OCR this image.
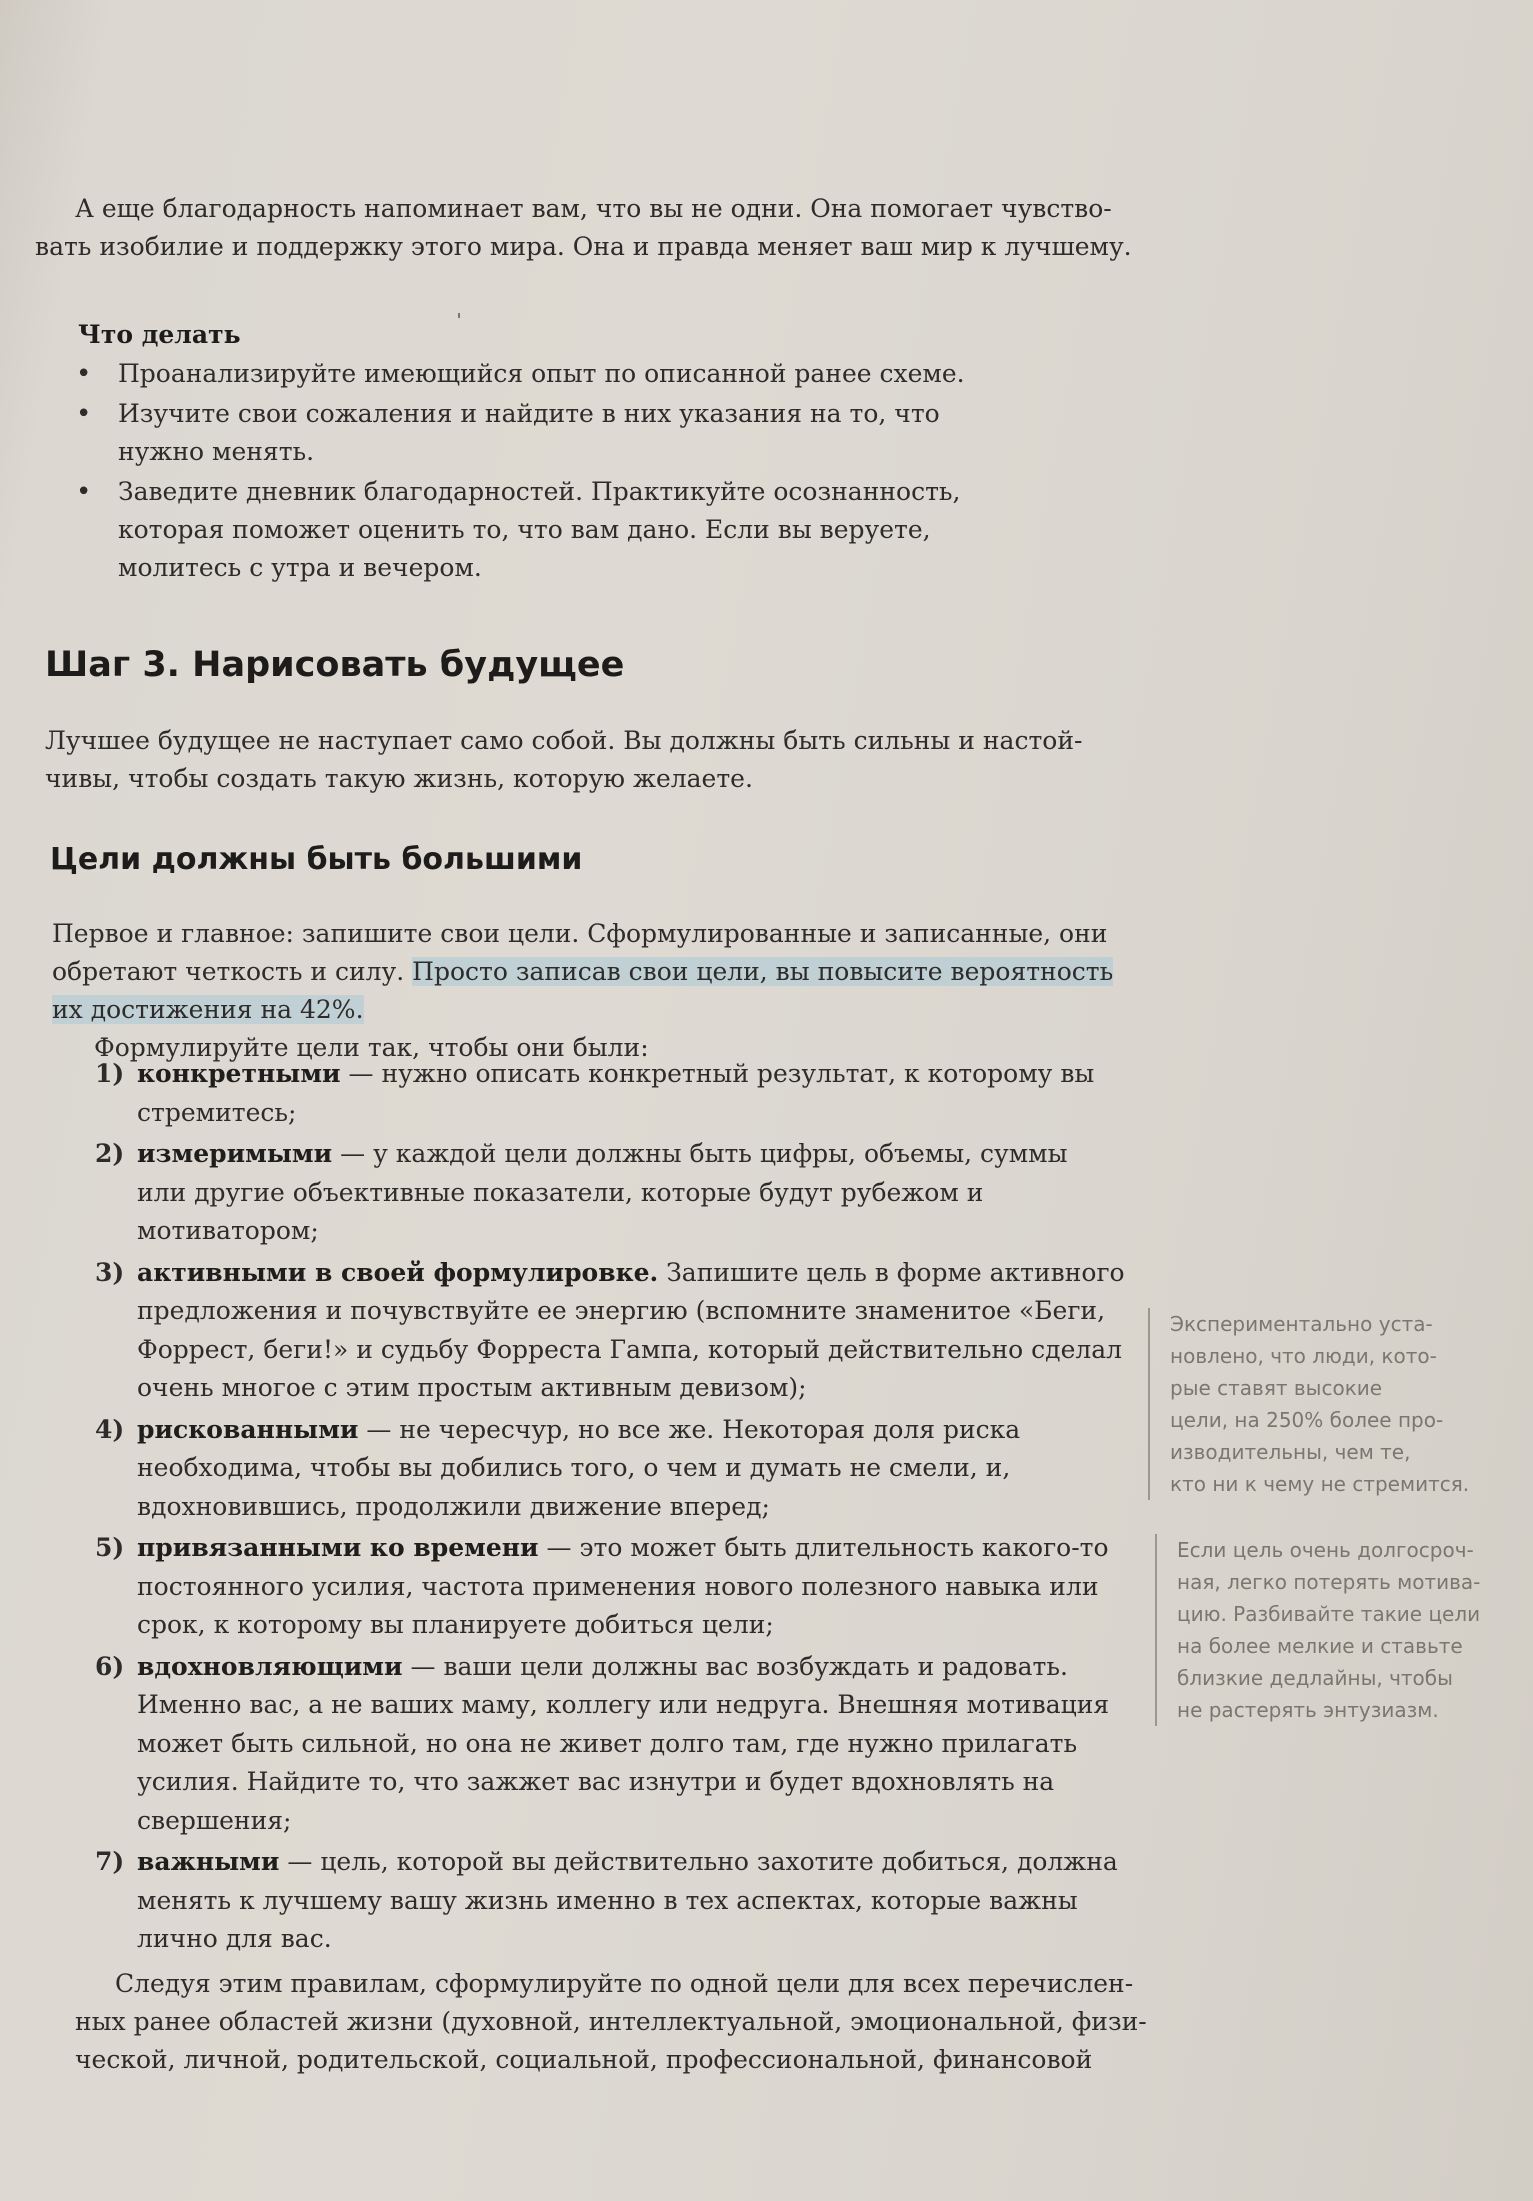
А еще благодарность напоминает вам, что вы не одни. Она помогает чувство-
вать изобилие и поддержку этого мира. Она и правда меняет ваш мир к лучшему.
Что делать
• Проанализируйте имеющийся опыт по описанной ранее схеме.
• Изучите свои сожаления и найдите в них указания на то, что нужно менять.
• Заведите дневник благодарностей. Практикуйте осознанность, которая поможет оценить то, что вам дано. Если вы веруете, молитесь с утра и вечером.
Шаг 3. Нарисовать будущее
Лучшее будущее не наступает само собой. Вы должны быть сильны и настой-
чивы, чтобы создать такую жизнь, которую желаете.
Цели должны быть большими
Первое и главное: запишите свои цели. Сформулированные и записанные, они
обретают четкость и силу. Просто записав свои цели, вы повысите вероятность
их достижения на 42%.
Формулируйте цели так, чтобы они были:
1) конкретными — нужно описать конкретный результат, к которому вы стремитесь;
2) измеримыми — у каждой цели должны быть цифры, объемы, суммы или другие объективные показатели, которые будут рубежом и мотиватором;
3) активными в своей формулировке. Запишите цель в форме активного предложения и почувствуйте ее энергию (вспомните знаменитое «Беги, Форрест, беги!» и судьбу Форреста Гампа, который действительно сделал очень многое с этим простым активным девизом);
4) рискованными — не чересчур, но все же. Некоторая доля риска необходима, чтобы вы добились того, о чем и думать не смели, и, вдохновившись, продолжили движение вперед;
5) привязанными ко времени — это может быть длительность какого-то постоянного усилия, частота применения нового полезного навыка или срок, к которому вы планируете добиться цели;
6) вдохновляющими — ваши цели должны вас возбуждать и радовать. Именно вас, а не ваших маму, коллегу или недруга. Внешняя мотивация может быть сильной, но она не живет долго там, где нужно прилагать усилия. Найдите то, что зажжет вас изнутри и будет вдохновлять на свершения;
7) важными — цель, которой вы действительно захотите добиться, должна менять к лучшему вашу жизнь именно в тех аспектах, которые важны лично для вас.
Следуя этим правилам, сформулируйте по одной цели для всех перечислен-
ных ранее областей жизни (духовной, интеллектуальной, эмоциональной, физи-
ческой, личной, родительской, социальной, профессиональной, финансовой
Экспериментально уста-
новлено, что люди, кото-
рые ставят высокие
цели, на 250% более про-
изводительны, чем те,
кто ни к чему не стремится.
Если цель очень долгосроч-
ная, легко потерять мотива-
цию. Разбивайте такие цели
на более мелкие и ставьте
близкие дедлайны, чтобы
не растерять энтузиазм.
